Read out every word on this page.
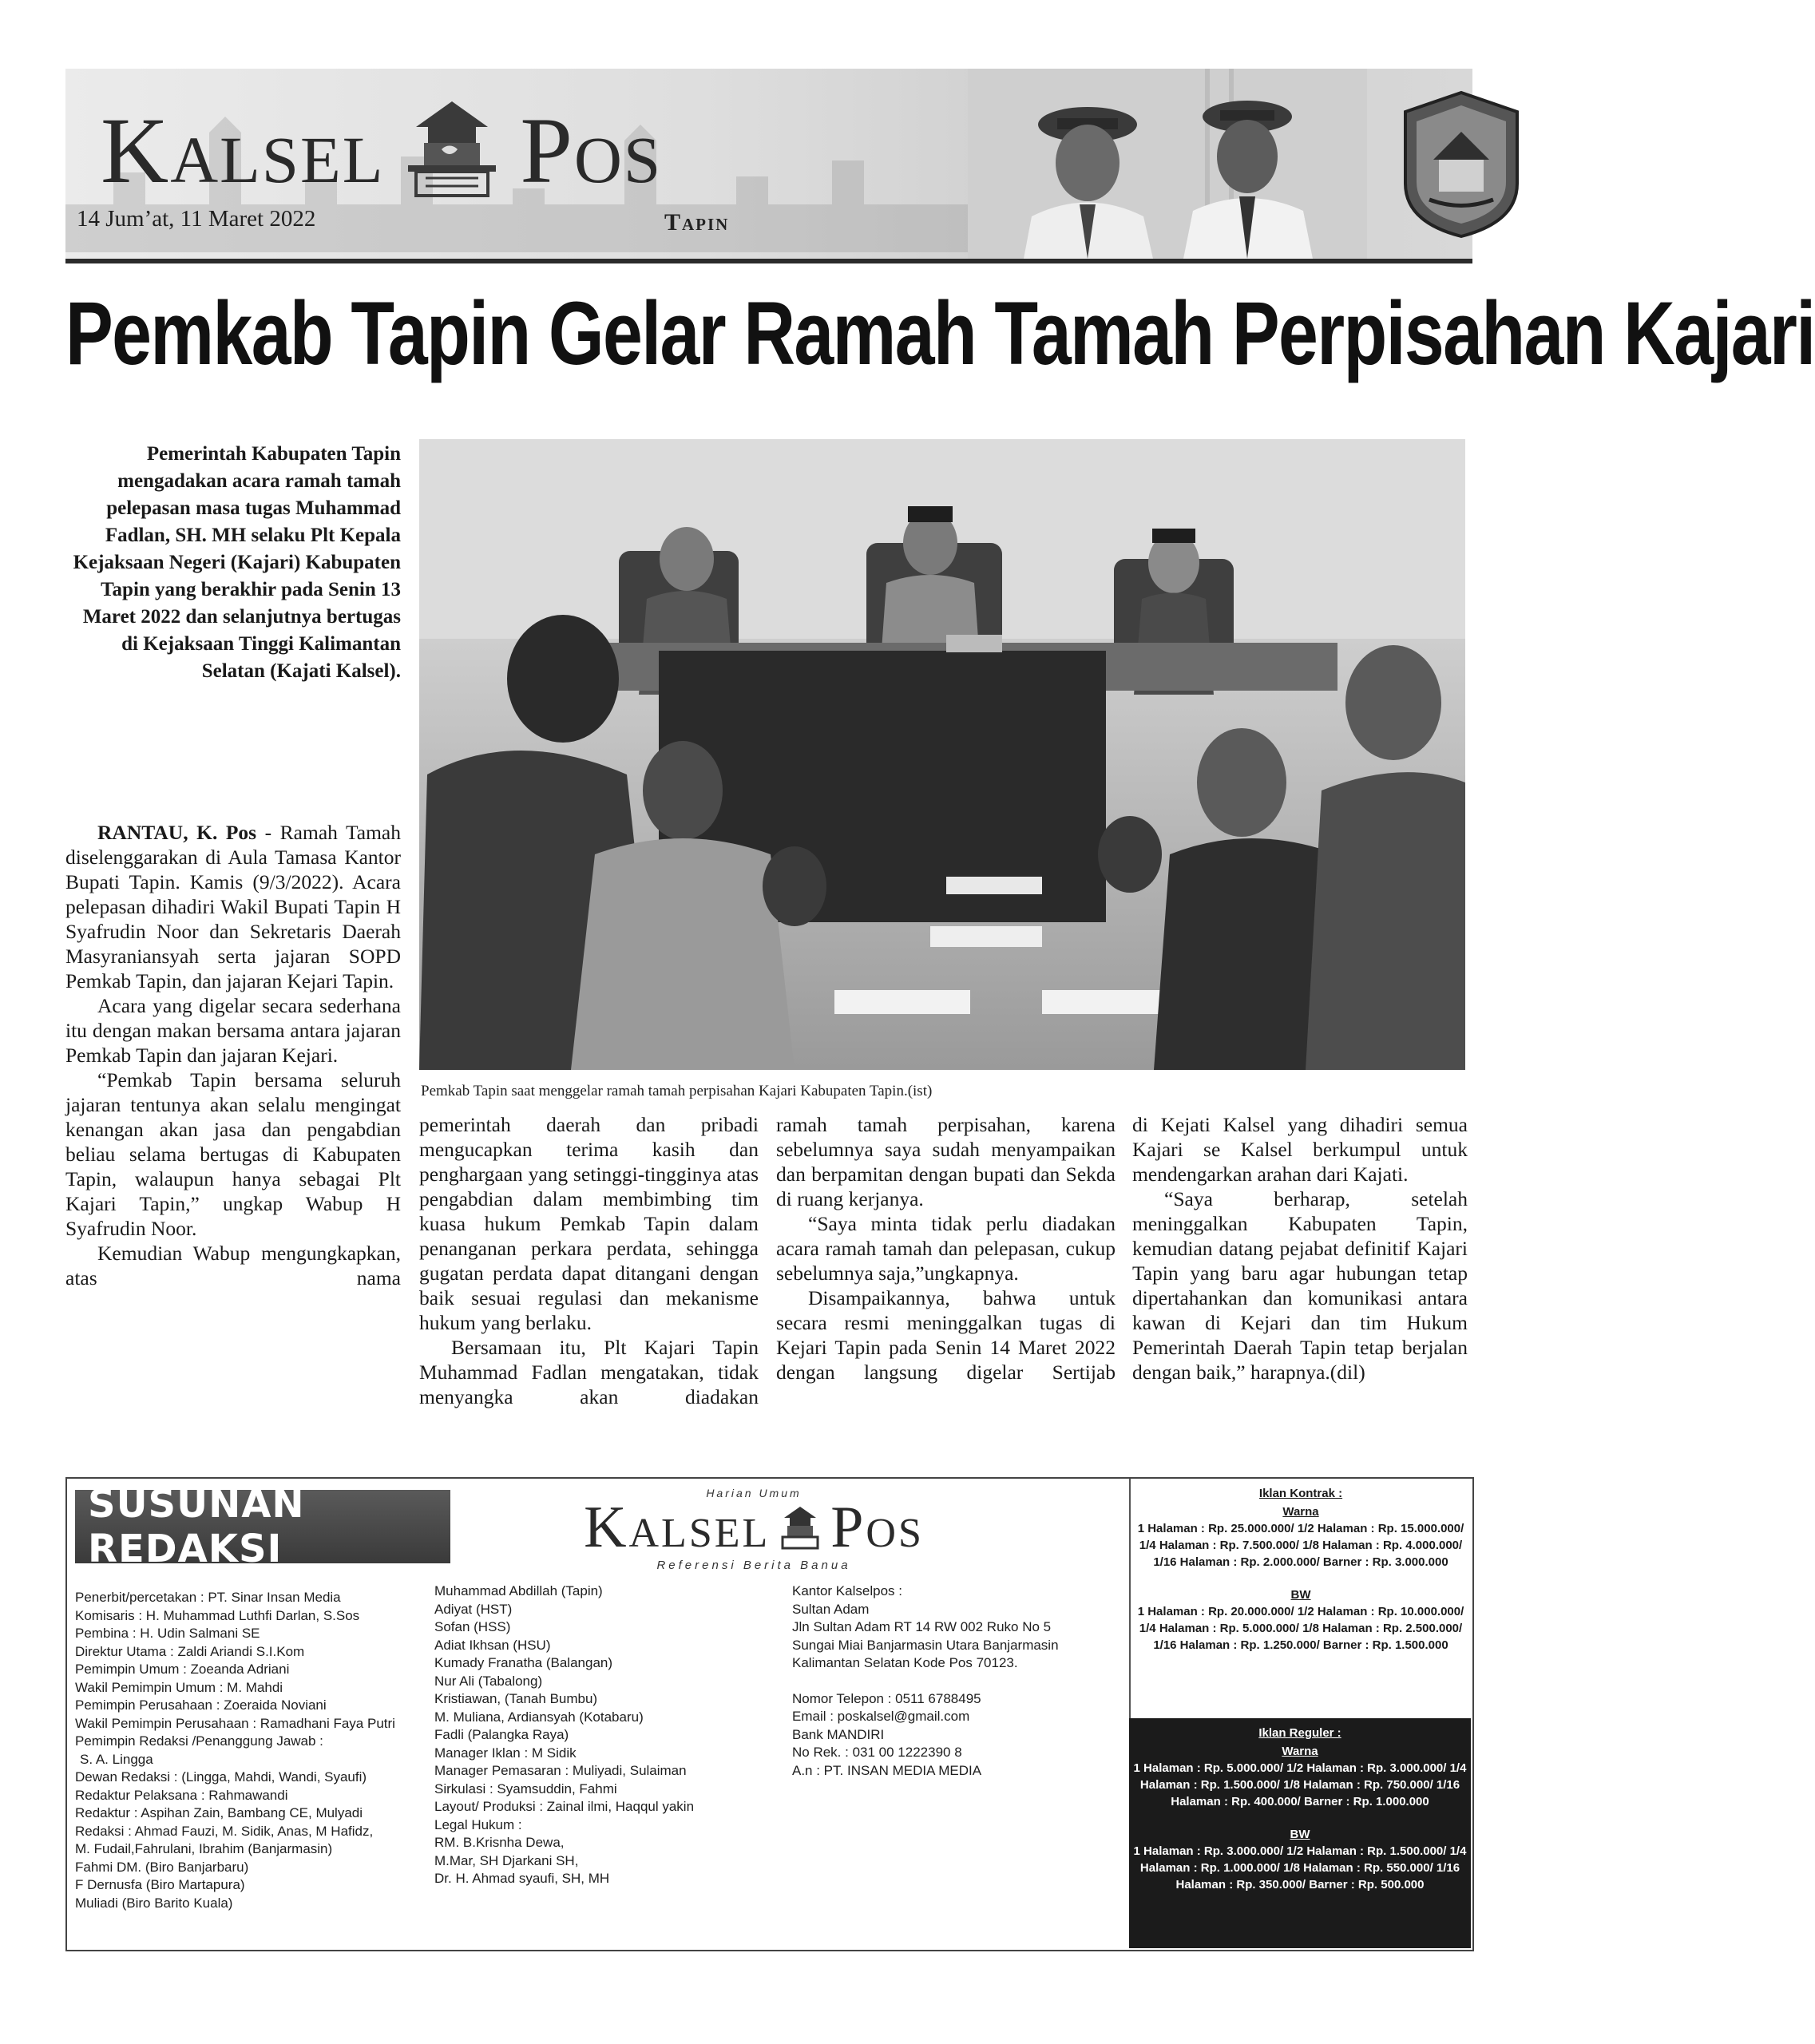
Kalsel Pos
14 Jum’at, 11 Maret 2022	Tapin
Pemkab Tapin Gelar Ramah Tamah Perpisahan Kajari
Pemerintah Kabupaten Tapin mengadakan acara ramah tamah pelepasan masa tugas Muhammad Fadlan, SH. MH selaku Plt Kepala Kejaksaan Negeri (Kajari) Kabupaten Tapin yang berakhir pada Senin 13 Maret 2022 dan selanjutnya bertugas di Kejaksaan Tinggi Kalimantan Selatan (Kajati Kalsel).
Pemkab Tapin saat menggelar ramah tamah perpisahan Kajari Kabupaten Tapin.(ist)

RANTAU, K. Pos - Ramah Tamah diselenggarakan di Aula Tamasa Kantor Bupati Tapin. Kamis (9/3/2022). Acara pelepasan dihadiri Wakil Bupati Tapin H Syafrudin Noor dan Sekretaris Daerah Masyraniansyah serta jajaran SOPD Pemkab Tapin, dan jajaran Kejari Tapin.

Acara yang digelar secara sederhana itu dengan makan bersama antara jajaran Pemkab Tapin dan jajaran Kejari.

“Pemkab Tapin bersama seluruh jajaran tentunya akan selalu mengingat kenangan akan jasa dan pengabdian beliau selama bertugas di Kabupaten Tapin, walaupun hanya sebagai Plt Kajari Tapin,” ungkap Wabup H Syafrudin Noor.

Kemudian Wabup mengungkapkan, atas nama

pemerintah daerah dan pribadi mengucapkan terima kasih dan penghargaan yang setinggi-tingginya atas pengabdian dalam membimbing tim kuasa hukum Pemkab Tapin dalam penanganan perkara perdata, sehingga gugatan perdata dapat ditangani dengan baik sesuai regulasi dan mekanisme hukum yang berlaku.

Bersamaan itu, Plt Kajari Tapin Muhammad Fadlan mengatakan, tidak menyangka akan diadakan

ramah tamah perpisahan, karena sebelumnya saya sudah menyampaikan dan berpamitan dengan bupati dan Sekda di ruang kerjanya.

“Saya minta tidak perlu diadakan acara ramah tamah dan pelepasan, cukup sebelumnya saja,”ungkapnya.

Disampaikannya, bahwa untuk secara resmi meninggalkan tugas di Kejari Tapin pada Senin 14 Maret 2022 dengan langsung digelar Sertijab

di Kejati Kalsel yang dihadiri semua Kajari se Kalsel berkumpul untuk mendengarkan arahan dari Kajati.

“Saya berharap, setelah meninggalkan Kabupaten Tapin, kemudian datang pejabat definitif Kajari Tapin yang baru agar hubungan tetap dipertahankan dan komunikasi antara kawan di Kejari dan tim Hukum Pemerintah Daerah Tapin tetap berjalan dengan baik,” harapnya.(dil)

SUSUNAN REDAKSI
Harian Umum
Kalsel Pos
Referensi Berita Banua
Penerbit/percetakan : PT. Sinar Insan Media
Komisaris : H. Muhammad Luthfi Darlan, S.Sos
Pembina : H. Udin Salmani SE
Direktur Utama : Zaldi Ariandi S.I.Kom
Pemimpin Umum : Zoeanda Adriani
Wakil Pemimpin Umum : M. Mahdi
Pemimpin Perusahaan : Zoeraida Noviani
Wakil Pemimpin Perusahaan : Ramadhani Faya Putri
Pemimpin Redaksi /Penanggung Jawab :
S. A. Lingga
Dewan Redaksi : (Lingga, Mahdi, Wandi, Syaufi)
Redaktur Pelaksana : Rahmawandi
Redaktur : Aspihan Zain, Bambang CE, Mulyadi
Redaksi : Ahmad Fauzi, M. Sidik, Anas, M Hafidz,
M. Fudail,Fahrulani, Ibrahim (Banjarmasin)
Fahmi DM. (Biro Banjarbaru)
F Dernusfa (Biro Martapura)
Muliadi (Biro Barito Kuala)
Muhammad Abdillah (Tapin)
Adiyat (HST)
Sofan (HSS)
Adiat Ikhsan (HSU)
Kumady Franatha (Balangan)
Nur Ali (Tabalong)
Kristiawan, (Tanah Bumbu)
M. Muliana, Ardiansyah (Kotabaru)
Fadli (Palangka Raya)
Manager Iklan : M Sidik
Manager Pemasaran : Muliyadi, Sulaiman
Sirkulasi : Syamsuddin, Fahmi
Layout/ Produksi : Zainal ilmi, Haqqul yakin
Legal Hukum :
RM. B.Krisnha Dewa,
M.Mar, SH Djarkani SH,
Dr. H. Ahmad syaufi, SH, MH
Kantor Kalselpos :
Sultan Adam
Jln Sultan Adam RT 14 RW 002 Ruko No 5
Sungai Miai Banjarmasin Utara Banjarmasin
Kalimantan Selatan Kode Pos 70123.
Nomor Telepon : 0511 6788495
Email : poskalsel@gmail.com
Bank MANDIRI
No Rek. : 031 00 1222390 8
A.n : PT. INSAN MEDIA MEDIA
Iklan Kontrak :
Warna
1 Halaman : Rp. 25.000.000/ 1/2 Halaman : Rp. 15.000.000/ 1/4 Halaman : Rp. 7.500.000/ 1/8 Halaman : Rp. 4.000.000/ 1/16 Halaman : Rp. 2.000.000/ Barner : Rp. 3.000.000
BW
1 Halaman : Rp. 20.000.000/ 1/2 Halaman : Rp. 10.000.000/ 1/4 Halaman : Rp. 5.000.000/ 1/8 Halaman : Rp. 2.500.000/ 1/16 Halaman : Rp. 1.250.000/ Barner : Rp. 1.500.000
Iklan Reguler :
Warna
1 Halaman : Rp. 5.000.000/ 1/2 Halaman : Rp. 3.000.000/ 1/4 Halaman : Rp. 1.500.000/ 1/8 Halaman : Rp. 750.000/ 1/16 Halaman : Rp. 400.000/ Barner : Rp. 1.000.000
BW
1 Halaman : Rp. 3.000.000/ 1/2 Halaman : Rp. 1.500.000/ 1/4 Halaman : Rp. 1.000.000/ 1/8 Halaman : Rp. 550.000/ 1/16 Halaman : Rp. 350.000/ Barner : Rp. 500.000
